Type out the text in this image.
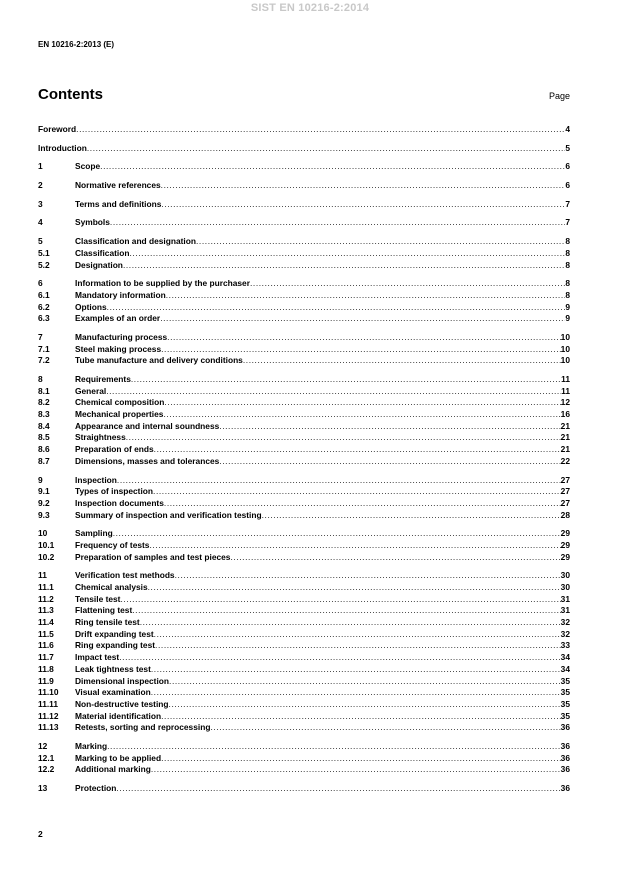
SIST EN 10216-2:2014
EN 10216-2:2013 (E)
Contents	Page
Foreword .....	4
Introduction .....	5
1	Scope .....	6
2	Normative references .....	6
3	Terms and definitions .....	7
4	Symbols .....	7
5	Classification and designation .....	8
5.1	Classification .....	8
5.2	Designation .....	8
6	Information to be supplied by the purchaser .....	8
6.1	Mandatory information .....	8
6.2	Options .....	9
6.3	Examples of an order .....	9
7	Manufacturing process .....	10
7.1	Steel making process .....	10
7.2	Tube manufacture and delivery conditions .....	10
8	Requirements .....	11
8.1	General .....	11
8.2	Chemical composition .....	12
8.3	Mechanical properties .....	16
8.4	Appearance and internal soundness .....	21
8.5	Straightness .....	21
8.6	Preparation of ends .....	21
8.7	Dimensions, masses and tolerances .....	22
9	Inspection .....	27
9.1	Types of inspection .....	27
9.2	Inspection documents .....	27
9.3	Summary of inspection and verification testing .....	28
10	Sampling .....	29
10.1	Frequency of tests .....	29
10.2	Preparation of samples and test pieces .....	29
11	Verification test methods .....	30
11.1	Chemical analysis .....	30
11.2	Tensile test .....	31
11.3	Flattening test .....	31
11.4	Ring tensile test .....	32
11.5	Drift expanding test .....	32
11.6	Ring expanding test .....	33
11.7	Impact test .....	34
11.8	Leak tightness test .....	34
11.9	Dimensional inspection .....	35
11.10	Visual examination .....	35
11.11	Non-destructive testing .....	35
11.12	Material identification .....	35
11.13	Retests, sorting and reprocessing .....	36
12	Marking .....	36
12.1	Marking to be applied .....	36
12.2	Additional marking .....	36
13	Protection .....	36
2
